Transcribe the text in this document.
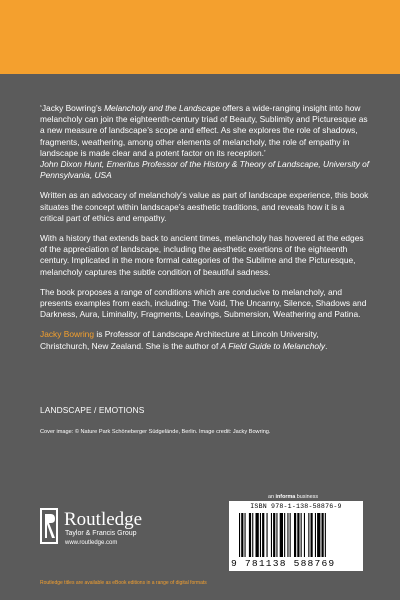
‘Jacky Bowring’s Melancholy and the Landscape offers a wide-ranging insight into how melancholy can join the eighteenth-century triad of Beauty, Sublimity and Picturesque as a new measure of landscape’s scope and effect. As she explores the role of shadows, fragments, weathering, among other elements of melancholy, the role of empathy in landscape is made clear and a potent factor on its reception.’
John Dixon Hunt, Emeritus Professor of the History & Theory of Landscape, University of Pennsylvania, USA

Written as an advocacy of melancholy’s value as part of landscape experience, this book situates the concept within landscape’s aesthetic traditions, and reveals how it is a critical part of ethics and empathy.

With a history that extends back to ancient times, melancholy has hovered at the edges of the appreciation of landscape, including the aesthetic exertions of the eighteenth century. Implicated in the more formal categories of the Sublime and the Picturesque, melancholy captures the subtle condition of beautiful sadness.

The book proposes a range of conditions which are conducive to melancholy, and presents examples from each, including: The Void, The Uncanny, Silence, Shadows and Darkness, Aura, Liminality, Fragments, Leavings, Submersion, Weathering and Patina.

Jacky Bowring is Professor of Landscape Architecture at Lincoln University, Christchurch, New Zealand. She is the author of A Field Guide to Melancholy.

LANDSCAPE / EMOTIONS
Cover image: © Nature Park Schöneberger Südgelände, Berlin. Image credit: Jacky Bowring.
Routledge
Taylor & Francis Group
www.routledge.com
an informa business
ISBN 978-1-138-58876-9
9 781138 588769
Routledge titles are available as eBook editions in a range of digital formats
